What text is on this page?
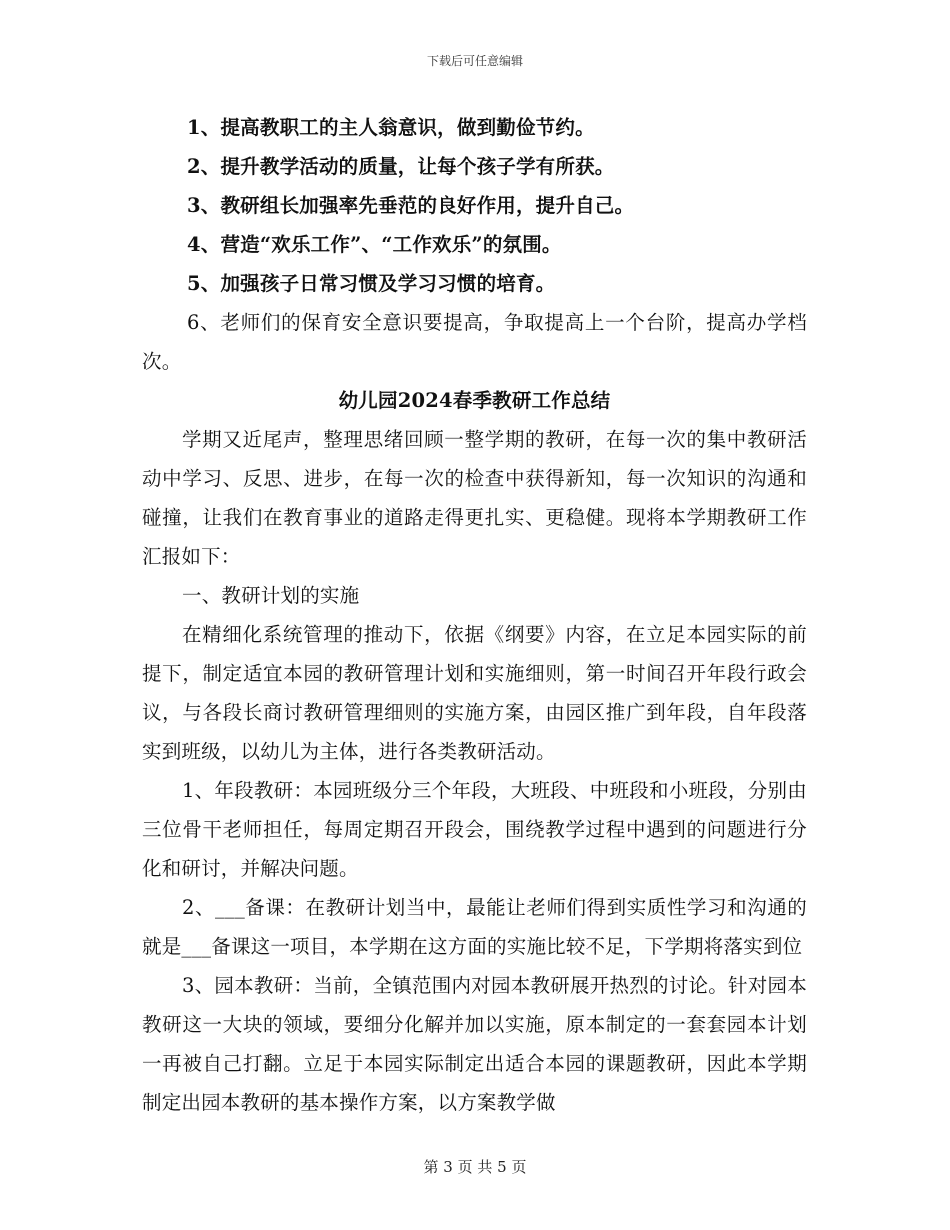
下载后可任意编辑

1、提高教职工的主人翁意识，做到勤俭节约。

2、提升教学活动的质量，让每个孩子学有所获。

3、教研组长加强率先垂范的良好作用，提升自己。

4、营造“欢乐工作”、“工作欢乐”的氛围。

5、加强孩子日常习惯及学习习惯的培育。

6、老师们的保育安全意识要提高，争取提高上一个台阶，提高办学档次。

幼儿园2024春季教研工作总结

学期又近尾声，整理思绪回顾一整学期的教研，在每一次的集中教研活动中学习、反思、进步，在每一次的检查中获得新知，每一次知识的沟通和碰撞，让我们在教育事业的道路走得更扎实、更稳健。现将本学期教研工作汇报如下：

一、教研计划的实施

在精细化系统管理的推动下，依据《纲要》内容，在立足本园实际的前提下，制定适宜本园的教研管理计划和实施细则，第一时间召开年段行政会议，与各段长商讨教研管理细则的实施方案，由园区推广到年段，自年段落实到班级，以幼儿为主体，进行各类教研活动。

1、年段教研：本园班级分三个年段，大班段、中班段和小班段，分别由三位骨干老师担任，每周定期召开段会，围绕教学过程中遇到的问题进行分化和研讨，并解决问题。

2、___备课：在教研计划当中，最能让老师们得到实质性学习和沟通的就是___备课这一项目，本学期在这方面的实施比较不足，下学期将落实到位

3、园本教研：当前，全镇范围内对园本教研展开热烈的讨论。针对园本教研这一大块的领域，要细分化解并加以实施，原本制定的一套套园本计划一再被自己打翻。立足于本园实际制定出适合本园的课题教研，因此本学期制定出园本教研的基本操作方案，以方案教学做

第 3 页 共 5 页
